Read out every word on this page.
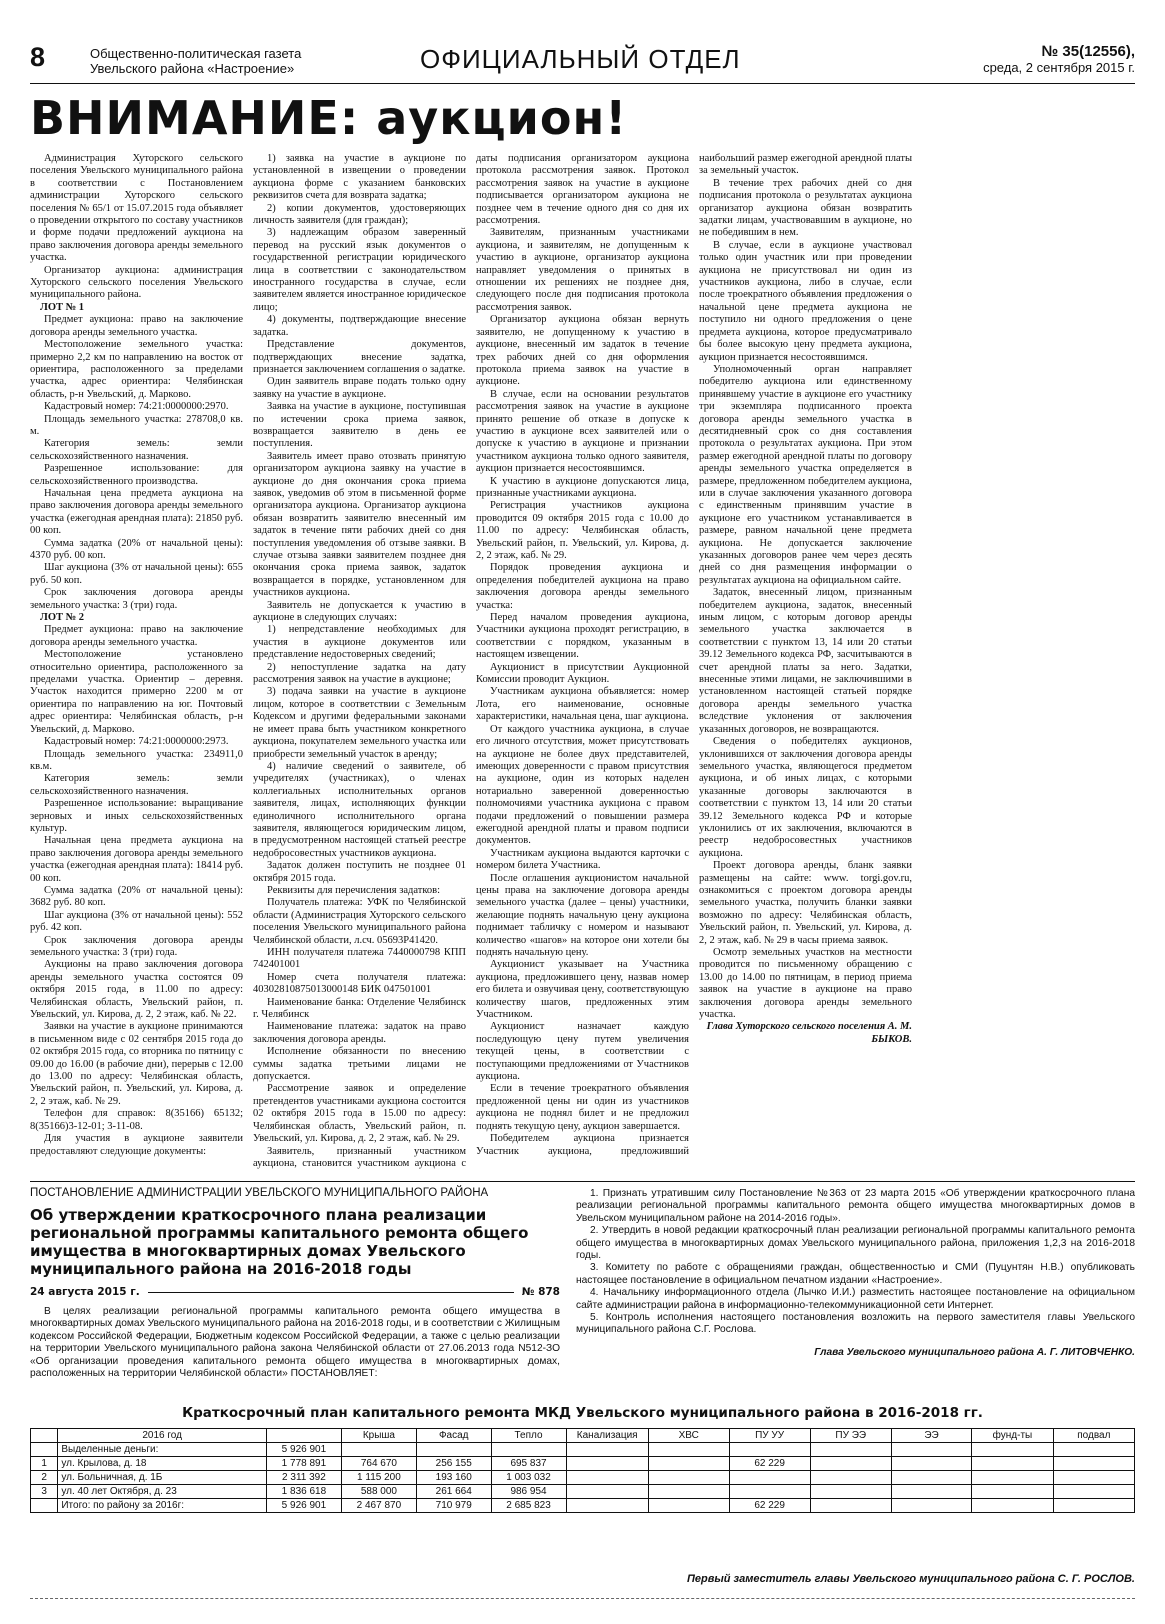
8	Общественно-политическая газета
Увельского района «Настроение»	ОФИЦИАЛЬНЫЙ ОТДЕЛ	№ 35(12556),
среда, 2 сентября 2015 г.
ВНИМАНИЕ: аукцион!

Администрация Хуторского сельского поселения Увельского муниципального района в соответствии с Постановлением администрации Хуторского сельского поселения № 65/1 от 15.07.2015 года объявляет о проведении открытого по составу участников и форме подачи предложений аукциона на право заключения договора аренды земельного участка.

Организатор аукциона: администрация Хуторского сельского поселения Увельского муниципального района.

ЛОТ № 1

Предмет аукциона: право на заключение договора аренды земельного участка.

Местоположение земельного участка: примерно 2,2 км по направлению на восток от ориентира, расположенного за пределами участка, адрес ориентира: Челябинская область, р-н Увельский, д. Марково.

Кадастровый номер: 74:21:0000000:2970.

Площадь земельного участка: 278708,0 кв. м.

Категория земель: земли сельскохозяйственного назначения.

Разрешенное использование: для сельскохозяйственного производства.

Начальная цена предмета аукциона на право заключения договора аренды земельного участка (ежегодная арендная плата): 21850 руб. 00 коп.

Сумма задатка (20% от начальной цены): 4370 руб. 00 коп.

Шаг аукциона (3% от начальной цены): 655 руб. 50 коп.

Срок заключения договора аренды земельного участка: 3 (три) года.

ЛОТ № 2

Предмет аукциона: право на заключение договора аренды земельного участка.

Местоположение установлено относительно ориентира, расположенного за пределами участка. Ориентир – деревня. Участок находится примерно 2200 м от ориентира по направлению на юг. Почтовый адрес ориентира: Челябинская область, р-н Увельский, д. Марково.

Кадастровый номер: 74:21:0000000:2973.

Площадь земельного участка: 234911,0 кв.м.

Категория земель: земли сельскохозяйственного назначения.

Разрешенное использование: выращивание зерновых и иных сельскохозяйственных культур.

Начальная цена предмета аукциона на право заключения договора аренды земельного участка (ежегодная арендная плата): 18414 руб. 00 коп.

Сумма задатка (20% от начальной цены): 3682 руб. 80 коп.

Шаг аукциона (3% от начальной цены): 552 руб. 42 коп.

Срок заключения договора аренды земельного участка: 3 (три) года.

Аукционы на право заключения договора аренды земельного участка состоятся 09 октября 2015 года, в 11.00 по адресу: Челябинская область, Увельский район, п. Увельский, ул. Кирова, д. 2, 2 этаж, каб. № 22.

Заявки на участие в аукционе принимаются в письменном виде с 02 сентября 2015 года до 02 октября 2015 года, со вторника по пятницу с 09.00 до 16.00 (в рабочие дни), перерыв с 12.00 до 13.00 по адресу: Челябинская область, Увельский район, п. Увельский, ул. Кирова, д. 2, 2 этаж, каб. № 29.

Телефон для справок: 8(35166) 65132; 8(35166)3-12-01; 3-11-08.

Для участия в аукционе заявители предоставляют следующие документы:

1) заявка на участие в аукционе по установленной в извещении о проведении аукциона форме с указанием банковских реквизитов счета для возврата задатка;

2) копии документов, удостоверяющих личность заявителя (для граждан);

3) надлежащим образом заверенный перевод на русский язык документов о государственной регистрации юридического лица в соответствии с законодательством иностранного государства в случае, если заявителем является иностранное юридическое лицо;

4) документы, подтверждающие внесение задатка.

Представление документов, подтверждающих внесение задатка, признается заключением соглашения о задатке.

Один заявитель вправе подать только одну заявку на участие в аукционе.

Заявка на участие в аукционе, поступившая по истечении срока приема заявок, возвращается заявителю в день ее поступления.

Заявитель имеет право отозвать принятую организатором аукциона заявку на участие в аукционе до дня окончания срока приема заявок, уведомив об этом в письменной форме организатора аукциона. Организатор аукциона обязан возвратить заявителю внесенный им задаток в течение пяти рабочих дней со дня поступления уведомления об отзыве заявки. В случае отзыва заявки заявителем позднее дня окончания срока приема заявок, задаток возвращается в порядке, установленном для участников аукциона.

Заявитель не допускается к участию в аукционе в следующих случаях:

1) непредставление необходимых для участия в аукционе документов или представление недостоверных сведений;

2) непоступление задатка на дату рассмотрения заявок на участие в аукционе;

3) подача заявки на участие в аукционе лицом, которое в соответствии с Земельным Кодексом и другими федеральными законами не имеет права быть участником конкретного аукциона, покупателем земельного участка или приобрести земельный участок в аренду;

4) наличие сведений о заявителе, об учредителях (участниках), о членах коллегиальных исполнительных органов заявителя, лицах, исполняющих функции единоличного исполнительного органа заявителя, являющегося юридическим лицом, в предусмотренном настоящей статьей реестре недобросовестных участников аукциона.

Задаток должен поступить не позднее 01 октября 2015 года.

Реквизиты для перечисления задатков:

Получатель платежа: УФК по Челябинской области (Администрация Хуторского сельского поселения Увельского муниципального района Челябинской области, л.сч. 05693P41420.

ИНН получателя платежа 7440000798 КПП 742401001

Номер счета получателя платежа: 40302810875013000148 БИК 047501001

Наименование банка: Отделение Челябинск г. Челябинск

Наименование платежа: задаток на право заключения договора аренды.

Исполнение обязанности по внесению суммы задатка третьими лицами не допускается.

Рассмотрение заявок и определение претендентов участниками аукциона состоится 02 октября 2015 года в 15.00 по адресу: Челябинская область, Увельский район, п. Увельский, ул. Кирова, д. 2, 2 этаж, каб. № 29.

Заявитель, признанный участником аукциона, становится участником аукциона с даты подписания организатором аукциона протокола рассмотрения заявок. Протокол рассмотрения заявок на участие в аукционе подписывается организатором аукциона не позднее чем в течение одного дня со дня их рассмотрения.

Заявителям, признанным участниками аукциона, и заявителям, не допущенным к участию в аукционе, организатор аукциона направляет уведомления о принятых в отношении их решениях не позднее дня, следующего после дня подписания протокола рассмотрения заявок.

Организатор аукциона обязан вернуть заявителю, не допущенному к участию в аукционе, внесенный им задаток в течение трех рабочих дней со дня оформления протокола приема заявок на участие в аукционе.

В случае, если на основании результатов рассмотрения заявок на участие в аукционе принято решение об отказе в допуске к участию в аукционе всех заявителей или о допуске к участию в аукционе и признании участником аукциона только одного заявителя, аукцион признается несостоявшимся.

К участию в аукционе допускаются лица, признанные участниками аукциона.

Регистрация участников аукциона проводится 09 октября 2015 года с 10.00 до 11.00 по адресу: Челябинская область, Увельский район, п. Увельский, ул. Кирова, д. 2, 2 этаж, каб. № 29.

Порядок проведения аукциона и определения победителей аукциона на право заключения договора аренды земельного участка:

Перед началом проведения аукциона, Участники аукциона проходят регистрацию, в соответствии с порядком, указанным в настоящем извещении.

Аукционист в присутствии Аукционной Комиссии проводит Аукцион.

Участникам аукциона объявляется: номер Лота, его наименование, основные характеристики, начальная цена, шаг аукциона.

От каждого участника аукциона, в случае его личного отсутствия, может присутствовать на аукционе не более двух представителей, имеющих доверенности с правом присутствия на аукционе, один из которых наделен нотариально заверенной доверенностью полномочиями участника аукциона с правом подачи предложений о повышении размера ежегодной арендной платы и правом подписи документов.

Участникам аукциона выдаются карточки с номером билета Участника.

После оглашения аукционистом начальной цены права на заключение договора аренды земельного участка (далее – цены) участники, желающие поднять начальную цену аукциона поднимает табличку с номером и называют количество «шагов» на которое они хотели бы поднять начальную цену.

Аукционист указывает на Участника аукциона, предложившего цену, назвав номер его билета и озвучивая цену, соответствующую количеству шагов, предложенных этим Участником.

Аукционист назначает каждую последующую цену путем увеличения текущей цены, в соответствии с поступающими предложениями от Участников аукциона.

Если в течение троекратного объявления предложенной цены ни один из участников аукциона не поднял билет и не предложил поднять текущую цену, аукцион завершается.

Победителем аукциона признается Участник аукциона, предложивший наибольший размер ежегодной арендной платы за земельный участок.

В течение трех рабочих дней со дня подписания протокола о результатах аукциона организатор аукциона обязан возвратить задатки лицам, участвовавшим в аукционе, но не победившим в нем.

В случае, если в аукционе участвовал только один участник или при проведении аукциона не присутствовал ни один из участников аукциона, либо в случае, если после троекратного объявления предложения о начальной цене предмета аукциона не поступило ни одного предложения о цене предмета аукциона, которое предусматривало бы более высокую цену предмета аукциона, аукцион признается несостоявшимся.

Уполномоченный орган направляет победителю аукциона или единственному принявшему участие в аукционе его участнику три экземпляра подписанного проекта договора аренды земельного участка в десятидневный срок со дня составления протокола о результатах аукциона. При этом размер ежегодной арендной платы по договору аренды земельного участка определяется в размере, предложенном победителем аукциона, или в случае заключения указанного договора с единственным принявшим участие в аукционе его участником устанавливается в размере, равном начальной цене предмета аукциона. Не допускается заключение указанных договоров ранее чем через десять дней со дня размещения информации о результатах аукциона на официальном сайте.

Задаток, внесенный лицом, признанным победителем аукциона, задаток, внесенный иным лицом, с которым договор аренды земельного участка заключается в соответствии с пунктом 13, 14 или 20 статьи 39.12 Земельного кодекса РФ, засчитываются в счет арендной платы за него. Задатки, внесенные этими лицами, не заключившими в установленном настоящей статьей порядке договора аренды земельного участка вследствие уклонения от заключения указанных договоров, не возвращаются.

Сведения о победителях аукционов, уклонившихся от заключения договора аренды земельного участка, являющегося предметом аукциона, и об иных лицах, с которыми указанные договоры заключаются в соответствии с пунктом 13, 14 или 20 статьи 39.12 Земельного кодекса РФ и которые уклонились от их заключения, включаются в реестр недобросовестных участников аукциона.

Проект договора аренды, бланк заявки размещены на сайте: www. torgi.gov.ru, ознакомиться с проектом договора аренды земельного участка, получить бланки заявки возможно по адресу: Челябинская область, Увельский район, п. Увельский, ул. Кирова, д. 2, 2 этаж, каб. № 29 в часы приема заявок.

Осмотр земельных участков на местности проводится по письменному обращению с 13.00 до 14.00 по пятницам, в период приема заявок на участие в аукционе на право заключения договора аренды земельного участка.

Глава Хуторского сельского поселения А. М. БЫКОВ.

ПОСТАНОВЛЕНИЕ АДМИНИСТРАЦИИ УВЕЛЬСКОГО МУНИЦИПАЛЬНОГО РАЙОНА
Об утверждении краткосрочного плана реализации региональной программы капитального ремонта общего имущества в многоквартирных домах Увельского муниципального района на 2016-2018 годы
24 августа 2015 г.	№ 878

В целях реализации региональной программы капитального ремонта общего имущества в многоквартирных домах Увельского муниципального района на 2016-2018 годы, и в соответствии с Жилищным кодексом Российской Федерации, Бюджетным кодексом Российской Федерации, а также с целью реализации на территории Увельского муниципального района закона Челябинской области от 27.06.2013 года N512-ЗО «Об организации проведения капитального ремонта общего имущества в многоквартирных домах, расположенных на территории Челябинской области» ПОСТАНОВЛЯЕТ:

1. Признать утратившим силу Постановление №363 от 23 марта 2015 «Об утверждении краткосрочного плана реализации региональной программы капитального ремонта общего имущества многоквартирных домов в Увельском муниципальном районе на 2014-2016 годы».

2. Утвердить в новой редакции краткосрочный план реализации региональной программы капитального ремонта общего имущества в многоквартирных домах Увельского муниципального района, приложения 1,2,3 на 2016-2018 годы.

3. Комитету по работе с обращениями граждан, общественностью и СМИ (Пуцунтян Н.В.) опубликовать настоящее постановление в официальном печатном издании «Настроение».

4. Начальнику информационного отдела (Лычко И.И.) разместить настоящее постановление на официальном сайте администрации района в информационно-телекоммуникационной сети Интернет.

5. Контроль исполнения настоящего постановления возложить на первого заместителя главы Увельского муниципального района С.Г. Рослова.

Глава Увельского муниципального района А. Г. ЛИТОВЧЕНКО.

Краткосрочный план капитального ремонта МКД Увельского муниципального района в 2016-2018 гг.
	2016 год		Крыша	Фасад	Тепло	Канализация	ХВС	ПУ УУ	ПУ ЭЭ	ЭЭ	фунд-ты	подвал
	Выделенные деньги:	5 926 901										
1	ул. Крылова, д. 18	1 778 891	764 670	256 155	695 837			62 229				
2	ул. Больничная, д. 1Б	2 311 392	1 115 200	193 160	1 003 032							
3	ул. 40 лет Октября, д. 23	1 836 618	588 000	261 664	986 954							
	Итого: по району за 2016г:	5 926 901	2 467 870	710 979	2 685 823			62 229				
Первый заместитель главы Увельского муниципального района С. Г. РОСЛОВ.
